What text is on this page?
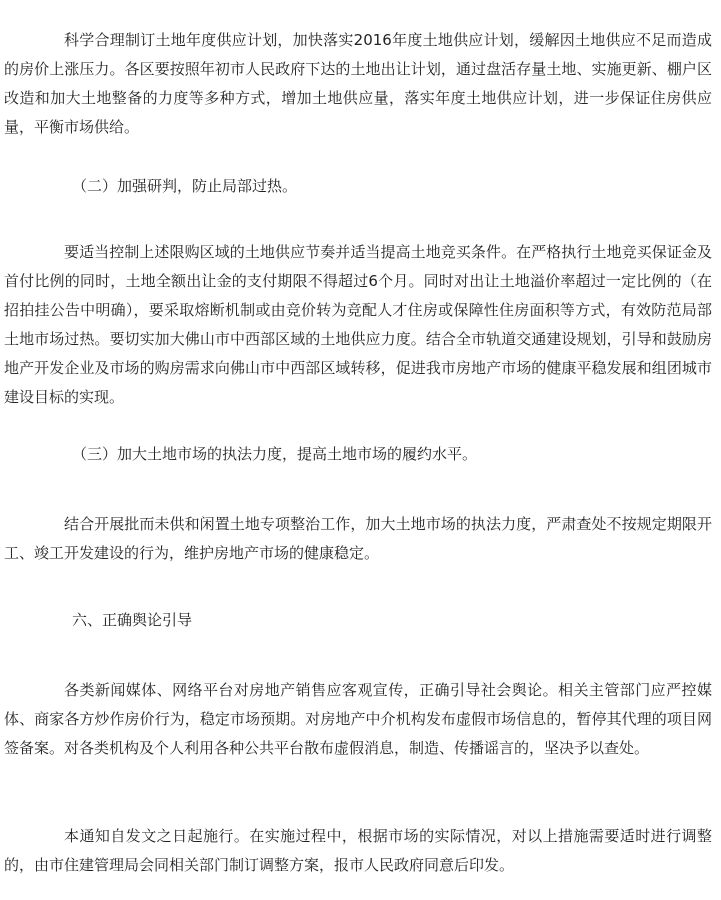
科学合理制订土地年度供应计划，加快落实2016年度土地供应计划，缓解因土地供应不足而造成的房价上涨压力。各区要按照年初市人民政府下达的土地出让计划，通过盘活存量土地、实施更新、棚户区改造和加大土地整备的力度等多种方式，增加土地供应量，落实年度土地供应计划，进一步保证住房供应量，平衡市场供给。

（二）加强研判，防止局部过热。

要适当控制上述限购区域的土地供应节奏并适当提高土地竞买条件。在严格执行土地竞买保证金及首付比例的同时，土地全额出让金的支付期限不得超过6个月。同时对出让土地溢价率超过一定比例的（在招拍挂公告中明确），要采取熔断机制或由竞价转为竞配人才住房或保障性住房面积等方式，有效防范局部土地市场过热。要切实加大佛山市中西部区域的土地供应力度。结合全市轨道交通建设规划，引导和鼓励房地产开发企业及市场的购房需求向佛山市中西部区域转移，促进我市房地产市场的健康平稳发展和组团城市建设目标的实现。

（三）加大土地市场的执法力度，提高土地市场的履约水平。

结合开展批而未供和闲置土地专项整治工作，加大土地市场的执法力度，严肃查处不按规定期限开工、竣工开发建设的行为，维护房地产市场的健康稳定。

六、正确舆论引导

各类新闻媒体、网络平台对房地产销售应客观宣传，正确引导社会舆论。相关主管部门应严控媒体、商家各方炒作房价行为，稳定市场预期。对房地产中介机构发布虚假市场信息的，暂停其代理的项目网签备案。对各类机构及个人利用各种公共平台散布虚假消息，制造、传播谣言的，坚决予以查处。

本通知自发文之日起施行。在实施过程中，根据市场的实际情况，对以上措施需要适时进行调整的，由市住建管理局会同相关部门制订调整方案，报市人民政府同意后印发。
